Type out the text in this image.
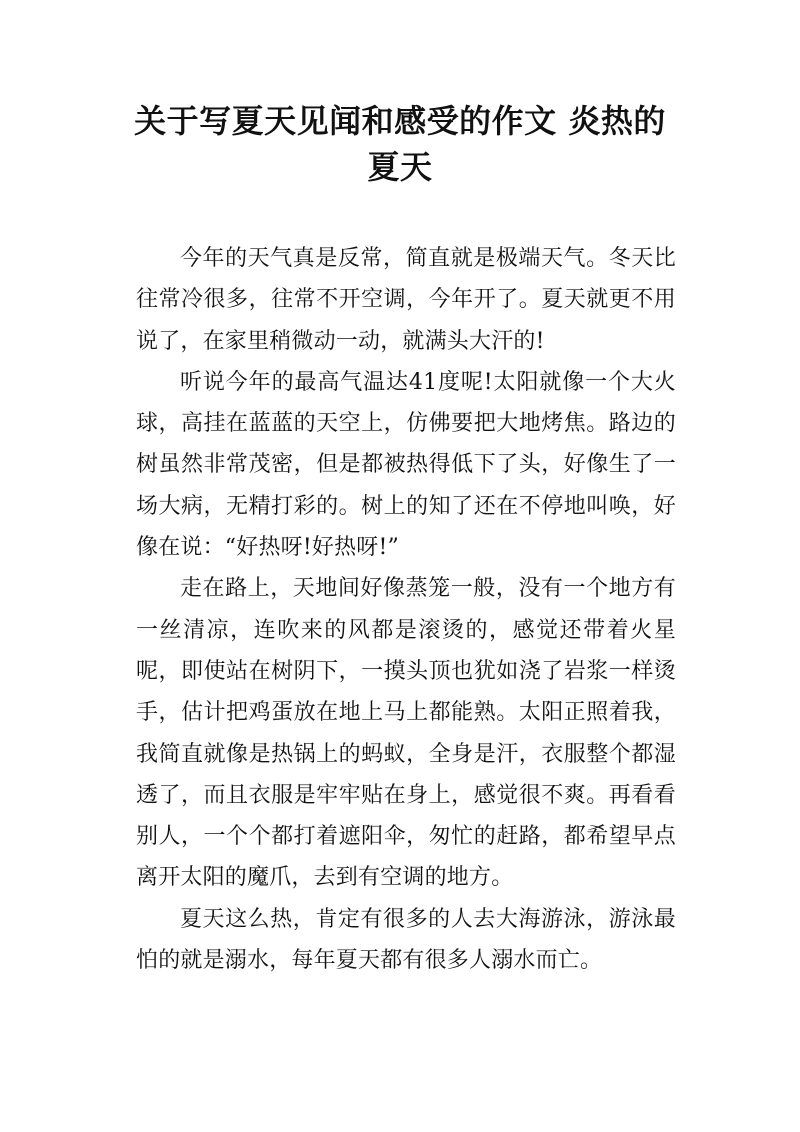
关于写夏天见闻和感受的作文 炎热的
夏天

今年的天气真是反常，简直就是极端天气。冬天比往常冷很多，往常不开空调，今年开了。夏天就更不用说了，在家里稍微动一动，就满头大汗的!

听说今年的最高气温达41度呢!太阳就像一个大火球，高挂在蓝蓝的天空上，仿佛要把大地烤焦。路边的树虽然非常茂密，但是都被热得低下了头，好像生了一场大病，无精打彩的。树上的知了还在不停地叫唤，好像在说：“好热呀!好热呀!”

走在路上，天地间好像蒸笼一般，没有一个地方有一丝清凉，连吹来的风都是滚烫的，感觉还带着火星呢，即使站在树阴下，一摸头顶也犹如浇了岩浆一样烫手，估计把鸡蛋放在地上马上都能熟。太阳正照着我，我简直就像是热锅上的蚂蚁，全身是汗，衣服整个都湿透了，而且衣服是牢牢贴在身上，感觉很不爽。再看看别人，一个个都打着遮阳伞，匆忙的赶路，都希望早点离开太阳的魔爪，去到有空调的地方。

夏天这么热，肯定有很多的人去大海游泳，游泳最怕的就是溺水，每年夏天都有很多人溺水而亡。
